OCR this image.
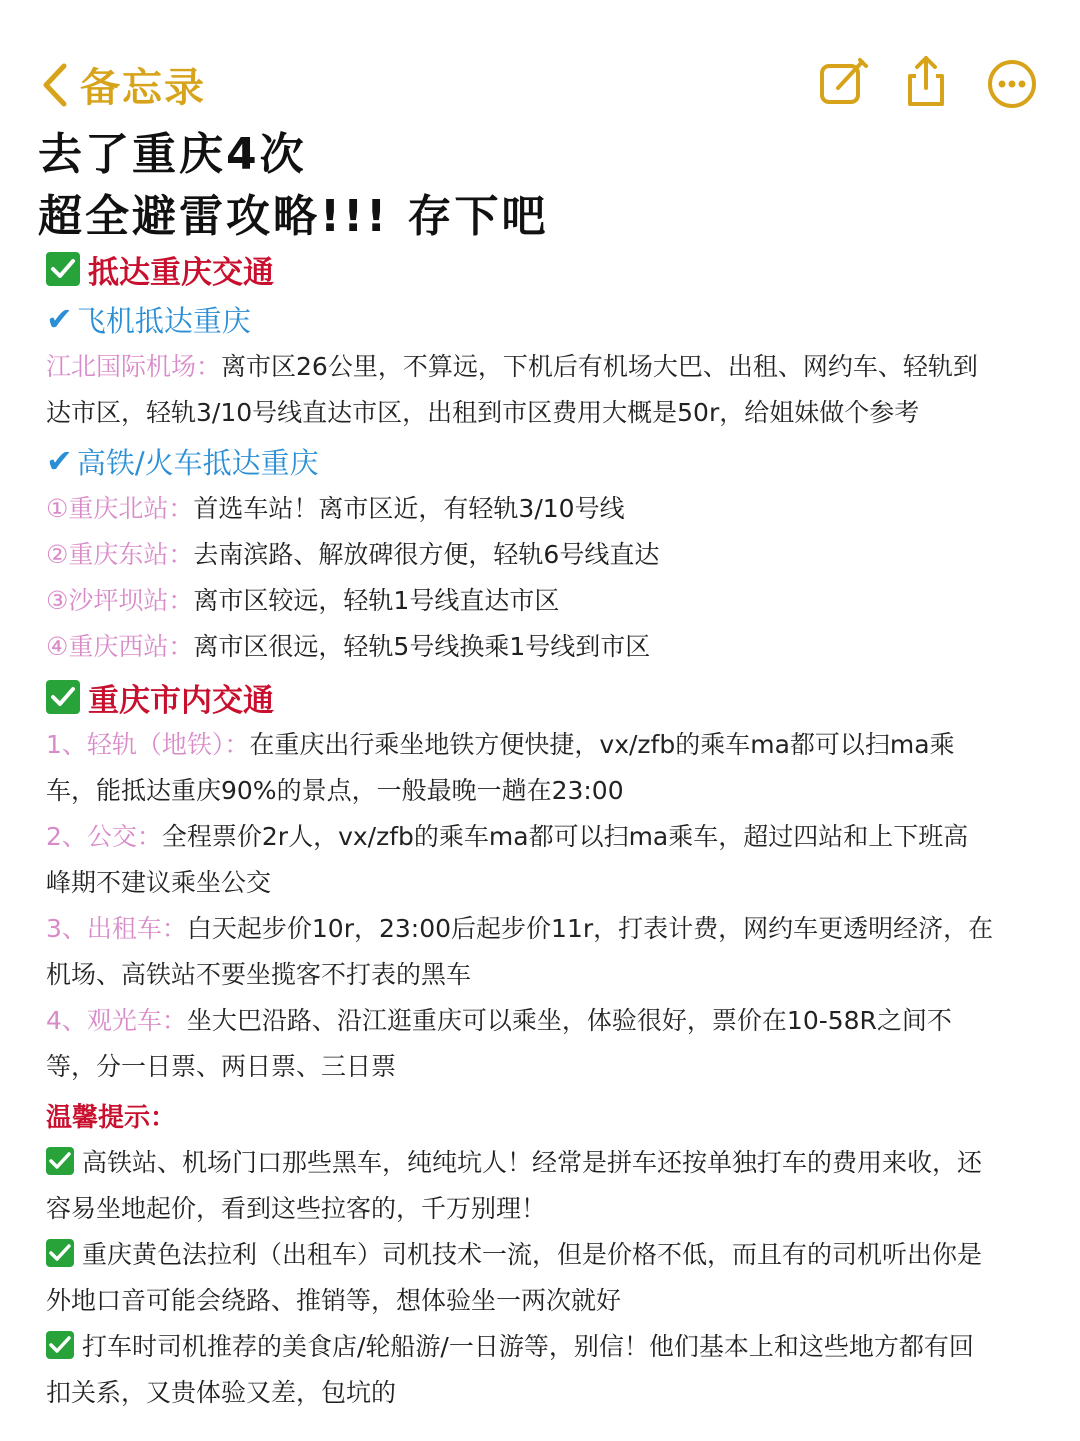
备忘录
去了重庆4次
超全避雷攻略!!! 存下吧
抵达重庆交通
✔ 飞机抵达重庆

江北国际机场：离市区26公里，不算远，下机后有机场大巴、出租、网约车、轻轨到

达市区，轻轨3/10号线直达市区，出租到市区费用大概是50r，给姐妹做个参考

✔ 高铁/火车抵达重庆
①重庆北站： 首选车站！离市区近，有轻轨3/10号线
②重庆东站： 去南滨路、解放碑很方便，轻轨6号线直达
③沙坪坝站： 离市区较远，轻轨1号线直达市区
④重庆西站： 离市区很远，轻轨5号线换乘1号线到市区
重庆市内交通

1、轻轨（地铁）：在重庆出行乘坐地铁方便快捷，vx/zfb的乘车ma都可以扫ma乘

车，能抵达重庆90%的景点，一般最晚一趟在23:00

2、公交：全程票价2r人，vx/zfb的乘车ma都可以扫ma乘车，超过四站和上下班高

峰期不建议乘坐公交

3、出租车：白天起步价10r，23:00后起步价11r，打表计费，网约车更透明经济，在

机场、高铁站不要坐揽客不打表的黑车

4、观光车：坐大巴沿路、沿江逛重庆可以乘坐，体验很好，票价在10-58R之间不

等，分一日票、两日票、三日票

温馨提示：

高铁站、机场门口那些黑车，纯纯坑人！经常是拼车还按单独打车的费用来收，还

容易坐地起价，看到这些拉客的，千万别理！

重庆黄色法拉利（出租车）司机技术一流，但是价格不低，而且有的司机听出你是

外地口音可能会绕路、推销等，想体验坐一两次就好

打车时司机推荐的美食店/轮船游/一日游等，别信！他们基本上和这些地方都有回

扣关系，又贵体验又差，包坑的
